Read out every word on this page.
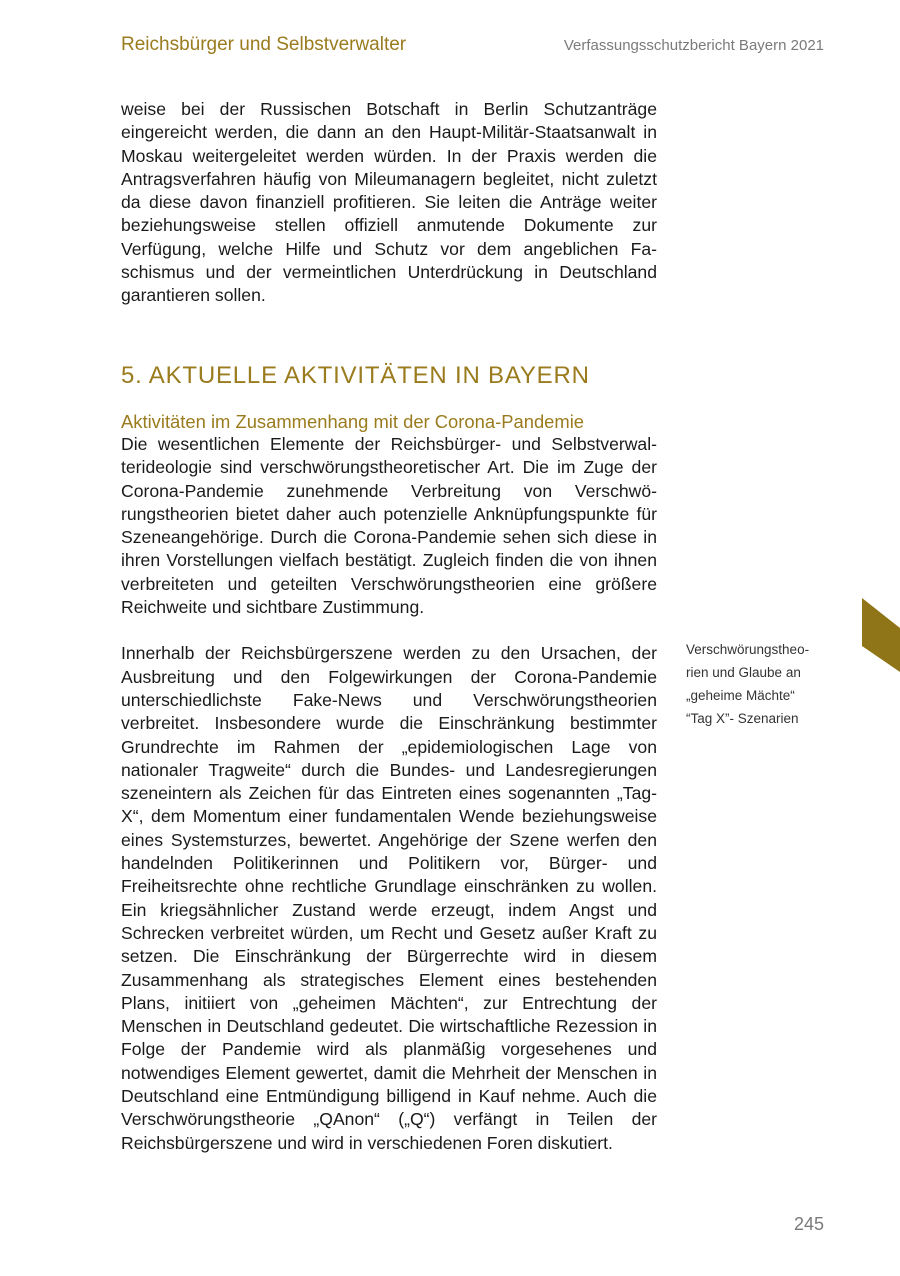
Reichsbürger und Selbstverwalter	Verfassungsschutzbericht Bayern 2021

weise bei der Russischen Botschaft in Berlin Schutzanträge eingereicht werden, die dann an den Haupt-Militär-Staatsanwalt in Moskau weitergeleitet werden würden. In der Praxis werden die Antragsverfahren häufig von Mileumanagern begleitet, nicht zuletzt da diese davon finanziell profitieren. Sie leiten die Anträge weiter beziehungsweise stellen offiziell anmutende Dokumente zur Verfügung, welche Hilfe und Schutz vor dem angeblichen Faschismus und der vermeintlichen Unterdrückung in Deutschland garantieren sollen.

5. AKTUELLE AKTIVITÄTEN IN BAYERN
Aktivitäten im Zusammenhang mit der Corona-Pandemie

Die wesentlichen Elemente der Reichsbürger- und Selbstverwalterideologie sind verschwörungstheoretischer Art. Die im Zuge der Corona-Pandemie zunehmende Verbreitung von Verschwörungstheorien bietet daher auch potenzielle Anknüpfungspunkte für Szeneangehörige. Durch die Corona-Pandemie sehen sich diese in ihren Vorstellungen vielfach bestätigt. Zugleich finden die von ihnen verbreiteten und geteilten Verschwörungstheorien eine größere Reichweite und sichtbare Zustimmung.

Innerhalb der Reichsbürgerszene werden zu den Ursachen, der Ausbreitung und den Folgewirkungen der Corona-Pandemie unterschiedlichste Fake-News und Verschwörungstheorien verbreitet. Insbesondere wurde die Einschränkung bestimmter Grundrechte im Rahmen der „epidemiologischen Lage von nationaler Tragweite“ durch die Bundes- und Landesregierungen szeneintern als Zeichen für das Eintreten eines sogenannten „Tag-X“, dem Momentum einer fundamentalen Wende beziehungsweise eines Systemsturzes, bewertet. Angehörige der Szene werfen den handelnden Politikerinnen und Politikern vor, Bürger- und Freiheitsrechte ohne rechtliche Grundlage einschränken zu wollen. Ein kriegsähnlicher Zustand werde erzeugt, indem Angst und Schrecken verbreitet würden, um Recht und Gesetz außer Kraft zu setzen. Die Einschränkung der Bürgerrechte wird in diesem Zusammenhang als strategisches Element eines bestehenden Plans, initiiert von „geheimen Mächten“, zur Entrechtung der Menschen in Deutschland gedeutet. Die wirtschaftliche Rezession in Folge der Pandemie wird als planmäßig vorgesehenes und notwendiges Element gewertet, damit die Mehrheit der Menschen in Deutschland eine Entmündigung billigend in Kauf nehme. Auch die Verschwörungstheorie „QAnon“ („Q“) verfängt in Teilen der Reichsbürgerszene und wird in verschiedenen Foren diskutiert.

Verschwörungstheo-
rien und Glaube an
„geheime Mächte“
“Tag X”- Szenarien
245
